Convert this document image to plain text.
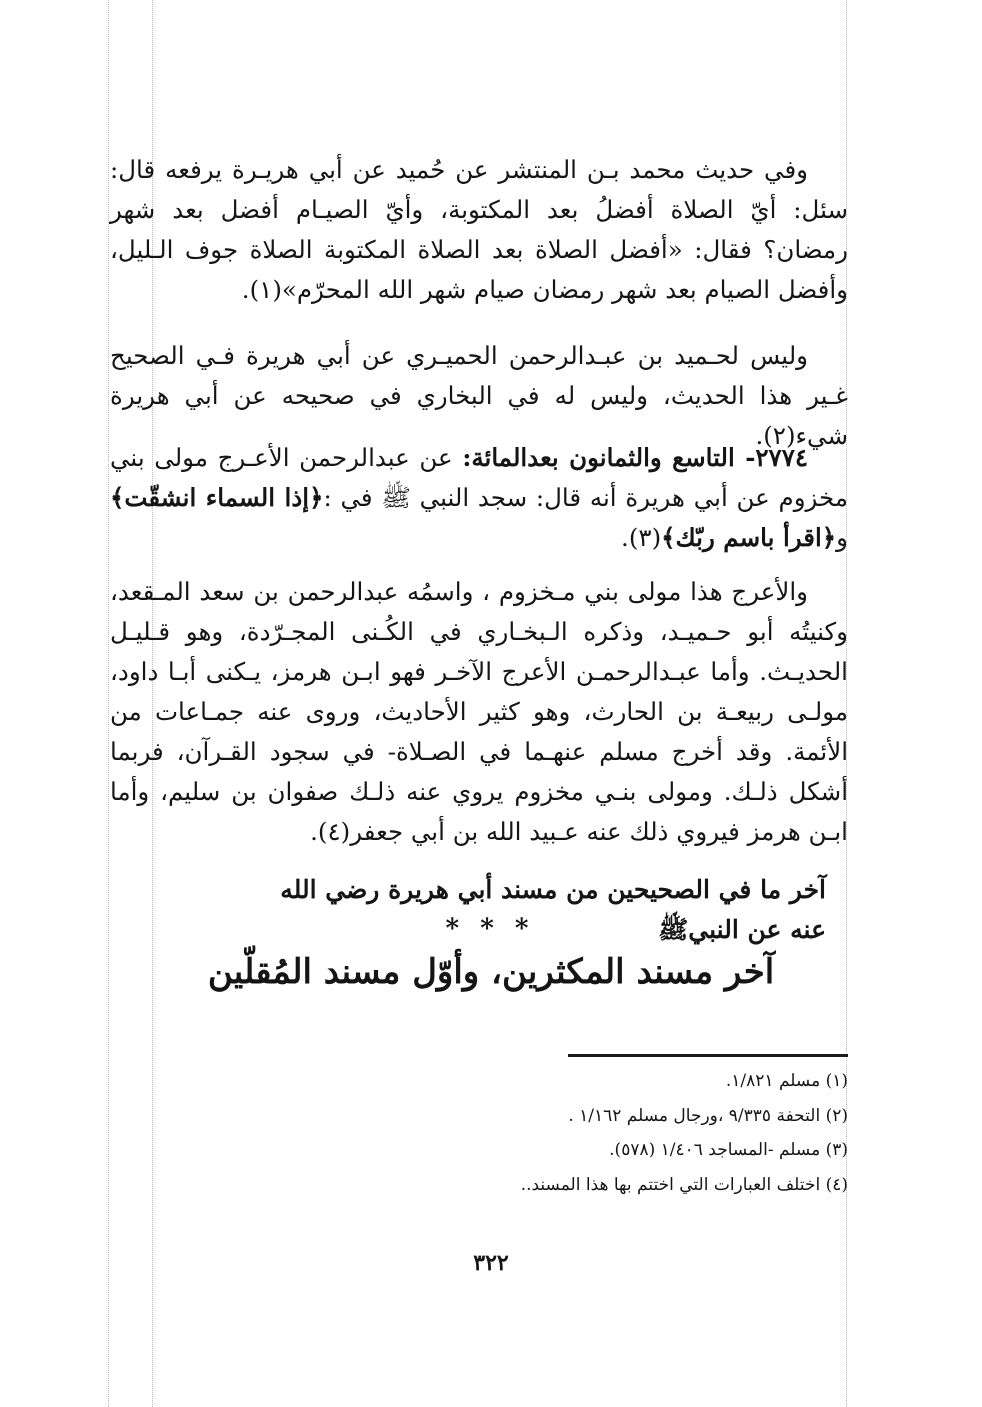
وفي حديث محمد بـن المنتشر عن حُميد عن أبي هريـرة يرفعه قال: سئل: أيّ الصلاة أفضلُ بعد المكتوبة، وأيّ الصيـام أفضل بعد شهر رمضان؟ فقال: «أفضل الصلاة بعد الصلاة المكتوبة الصلاة جوف الـليل، وأفضل الصيام بعد شهر رمضان صيام شهر الله المحرّم»(١).

وليس لحـميد بن عبـدالرحمن الحميـري عن أبي هريرة فـي الصحيح غـير هذا الحديث، وليس له في البخاري في صحيحه عن أبي هريرة شيء(٢).

٢٧٧٤- التاسع والثمانون بعدالمائة: عن عبدالرحمن الأعـرج مولى بني مخزوم عن أبي هريرة أنه قال: سجد النبي ﷺ في :﴿إذا السماء انشقّت﴾ و﴿اقرأ باسم ربّك﴾(٣).

والأعرج هذا مولى بني مـخزوم ، واسمُه عبدالرحمن بن سعد المـقعد، وكنيتُه أبو حـميـد، وذكره الـبخـاري في الكُـنى المجـرّدة، وهو قـليـل الحديـث. وأما عبـدالرحمـن الأعرج الآخـر فهو ابـن هرمز، يـكنى أبـا داود، مولـى ربيعـة بن الحارث، وهو كثير الأحاديث، وروى عنه جمـاعات من الأئمة. وقد أخرج مسلم عنهـما في الصـلاة- في سجود القـرآن، فربما أشكل ذلـك. ومولى بنـي مخزوم يروي عنه ذلـك صفوان بن سليم، وأما ابـن هرمز فيروي ذلك عنه عـبيد الله بن أبي جعفر(٤).

آخر ما في الصحيحين من مسند أبي هريرة رضي الله عنه عن النبيﷺ
* * *
آخر مسند المكثرين، وأوّل مسند المُقلّين

(١) مسلم ١/٨٢١.

(٢) التحفة ٩/٣٣٥ ،ورجال مسلم ١/١٦٢ .

(٣) مسلم -المساجد ١/٤٠٦ (٥٧٨).

(٤) اختلف العبارات التي اختتم بها هذا المسند..

٣٢٢
